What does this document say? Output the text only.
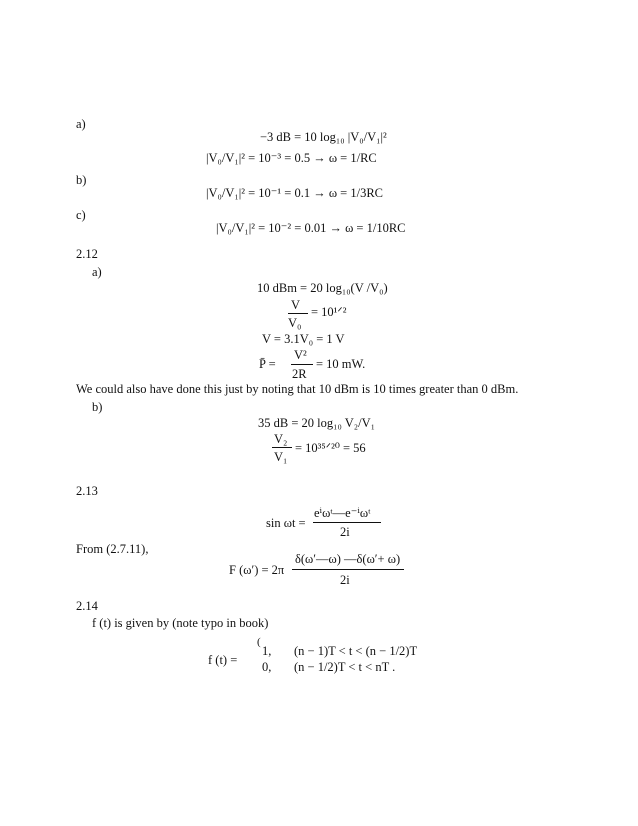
a)
−3 dB = 10 log₁₀ |V₀/V₁|²
|V₀/V₁|² = 10⁻³ = 0.5 → ω = 1/RC
b)
|V₀/V₁|² = 10⁻¹ = 0.1 → ω = 1/3RC
c)
|V₀/V₁|² = 10⁻² = 0.01 → ω = 1/10RC
2.12
a)
10 dBm = 20 log₁₀(V /V₀)
V
V₀
= 10¹ᐟ²
V = 3.1V₀ = 1 V
P̄ =
V²
2R
= 10 mW.
We could also have done this just by noting that 10 dBm is 10 times greater than 0 dBm.
b)
35 dB = 20 log₁₀ V₂/V₁
V₂
V₁
= 10³⁵ᐟ²⁰ = 56
2.13
sin ωt =
eⁱωᵗ—e⁻ⁱωᵗ
2i
From (2.7.11),
F (ω′) = 2π
δ(ω′—ω) —δ(ω′+ ω)
2i
2.14
f (t) is given by (note typo in book)
f (t) =
(
1, (n − 1)T < t < (n − 1/2)T
0, (n − 1/2)T < t < nT .
